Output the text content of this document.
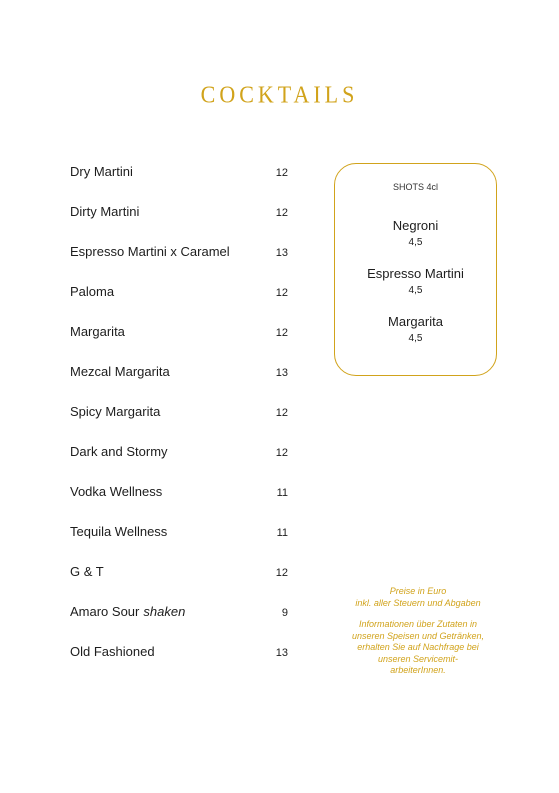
COCKTAILS
Dry Martini	12
Dirty Martini	12
Espresso Martini x Caramel	13
Paloma	12
Margarita	12
Mezcal Margarita	13
Spicy Margarita	12
Dark and Stormy	12
Vodka Wellness	11
Tequila Wellness	11
G & T	12
Amaro Sour shaken	9
Old Fashioned	13
SHOTS 4cl
Negroni
4,5
Espresso Martini
4,5
Margarita
4,5

Preise in Euro

inkl. aller Steuern und Abgaben

Informationen über Zutaten in

unseren Speisen und Getränken,

erhalten Sie auf Nachfrage bei

unseren Servicemit-

arbeiterInnen.
